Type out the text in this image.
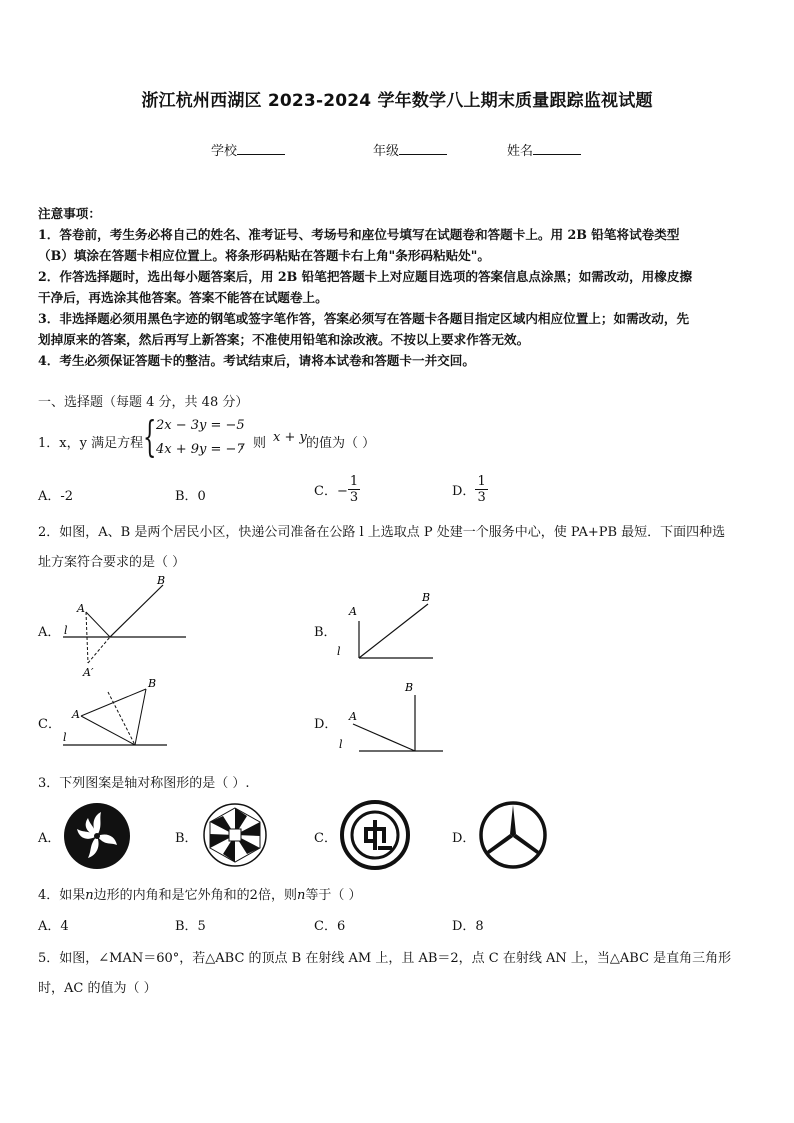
浙江杭州西湖区 2023-2024 学年数学八上期末质量跟踪监视试题
学校	年级	姓名
注意事项：
1．答卷前，考生务必将自己的姓名、准考证号、考场号和座位号填写在试题卷和答题卡上。用 2B 铅笔将试卷类型
（B）填涂在答题卡相应位置上。将条形码粘贴在答题卡右上角"条形码粘贴处"。
2．作答选择题时，选出每小题答案后，用 2B 铅笔把答题卡上对应题目选项的答案信息点涂黑；如需改动，用橡皮擦
干净后，再选涂其他答案。答案不能答在试题卷上。
3．非选择题必须用黑色字迹的钢笔或签字笔作答，答案必须写在答题卡各题目指定区域内相应位置上；如需改动，先
划掉原来的答案，然后再写上新答案；不准使用铅笔和涂改液。不按以上要求作答无效。
4．考生必须保证答题卡的整洁。考试结束后，请将本试卷和答题卡一并交回。
一、选择题（每题 4 分，共 48 分）
1．x，y 满足方程 { 2x − 3y = −5
4x + 9y = −7
，则 x + y 的值为（ ）
A．-2	B．0	C．− $\frac{1}{3}$	D． $\frac{1}{3}$
2．如图，A、B 是两个居民小区，快递公司准备在公路 l 上选取点 P 处建一个服务中心，使 PA+PB 最短．下面四种选
址方案符合要求的是（ ）
A．	B．
C．	D．
A
B
l
A′
A
B
l
A
B
l
A
B
l
3．下列图案是轴对称图形的是（ ）.
A．	B．	C．	D．
4．如果n边形的内角和是它外角和的2倍，则n等于（ ）
A．4	B．5	C．6	D．8
5．如图，∠MAN＝60°，若△ABC 的顶点 B 在射线 AM 上，且 AB＝2，点 C 在射线 AN 上，当△ABC 是直角三角形
时，AC 的值为（ ）
